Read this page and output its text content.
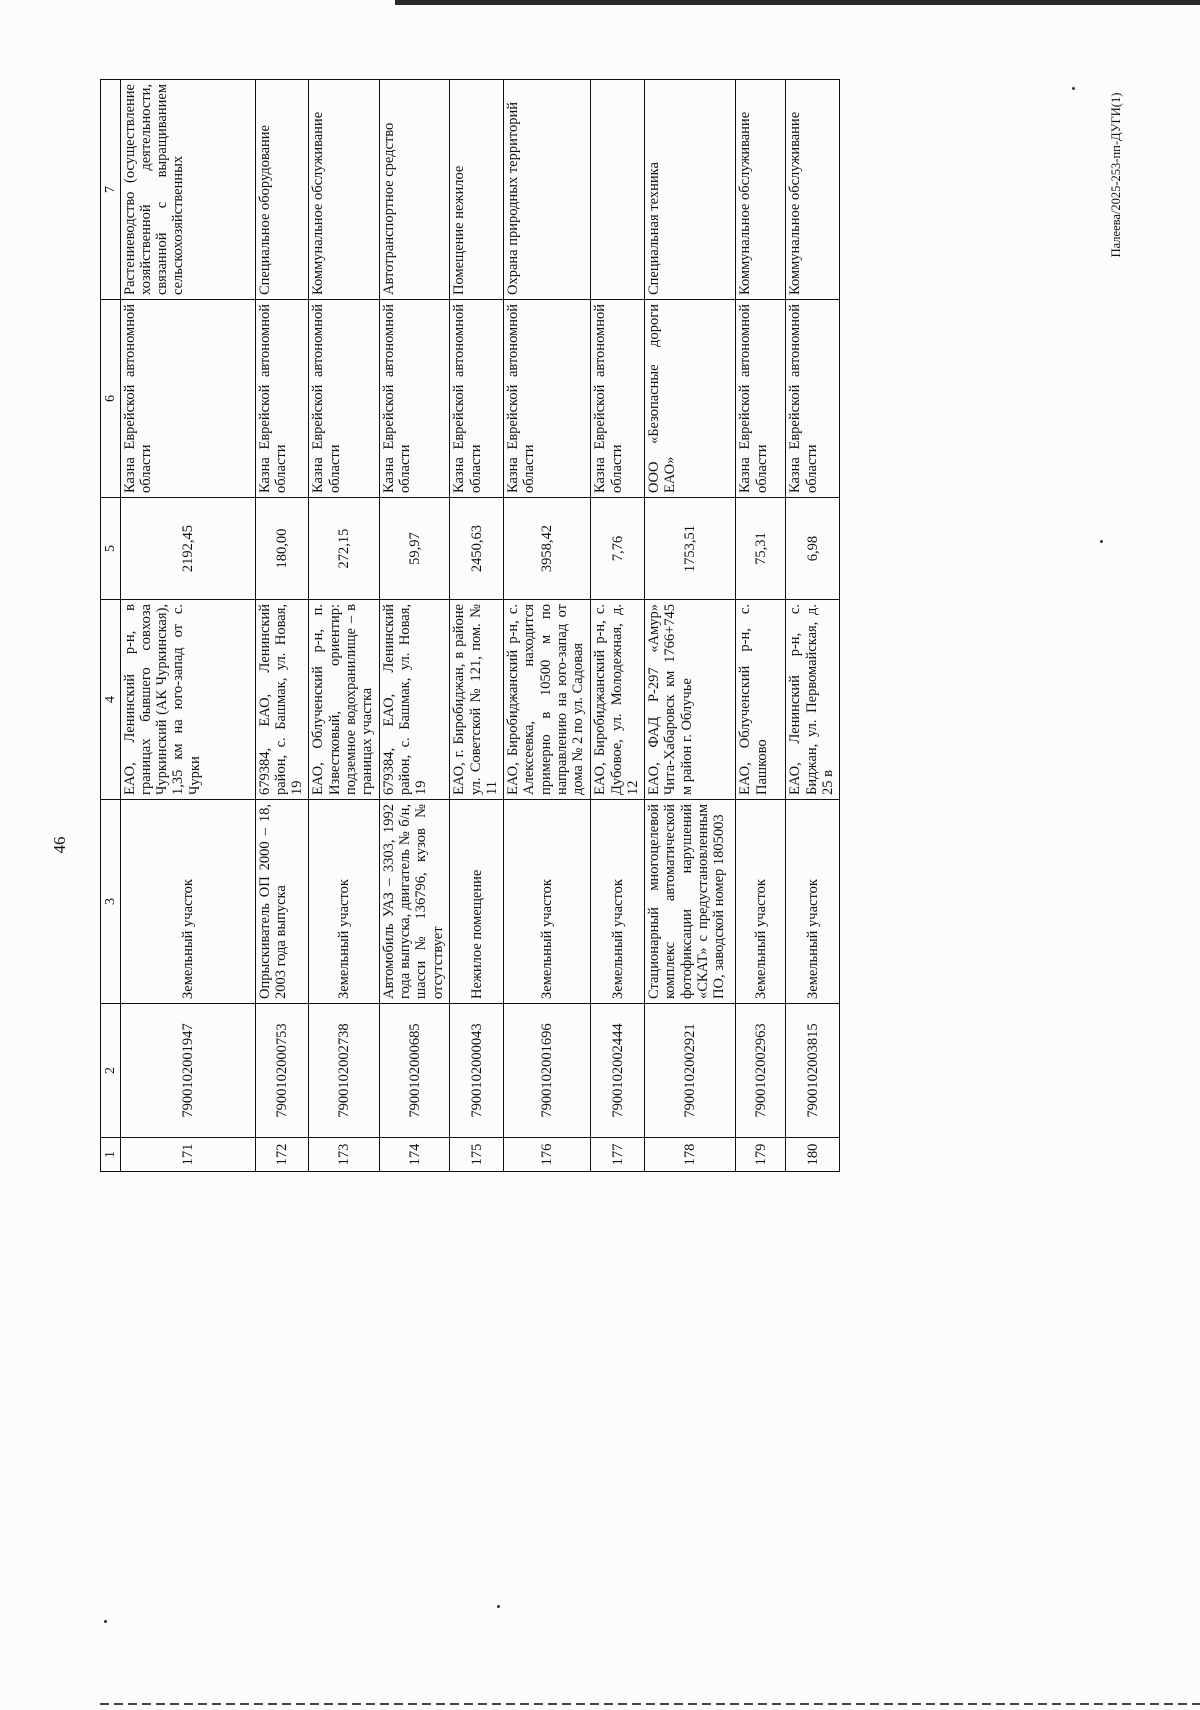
46
Палеева/2025-253-пп-ДУГИ(1)
1	2	3	4	5	6	7
171	7900102001947	Земельный участок	ЕАО, Ленинский р-н, в границах бывшего совхоза Чуркинский (АК Чуркинская), 1,35 км на юго-запад от с. Чурки	2192,45	Казна Еврейской автономной области	Растениеводство (осуществление хозяйственной деятельности, связанной с выращиванием сельскохозяйственных
172	7900102000753	Опрыскиватель ОП 2000 – 18, 2003 года выпуска	679384, ЕАО, Ленинский район, с. Башмак, ул. Новая, 19	180,00	Казна Еврейской автономной области	Специальное оборудование
173	7900102002738	Земельный участок	ЕАО, Облученский р-н, п. Известковый, ориентир: подземное водохранилище – в границах участка	272,15	Казна Еврейской автономной области	Коммунальное обслуживание
174	7900102000685	Автомобиль УАЗ – 3303, 1992 года выпуска, двигатель № б/н, шасси № 136796, кузов № отсутствует	679384, ЕАО, Ленинский район, с. Башмак, ул. Новая, 19	59,97	Казна Еврейской автономной области	Автотранспортное средство
175	7900102000043	Нежилое помещение	ЕАО, г. Биробиджан, в районе ул. Советской № 121, пом. № 11	2450,63	Казна Еврейской автономной области	Помещение нежилое
176	7900102001696	Земельный участок	ЕАО, Биробиджанский р-н, с. Алексеевка, находится примерно в 10500 м по направлению на юго-запад от дома № 2 по ул. Садовая	3958,42	Казна Еврейской автономной области	Охрана природных территорий
177	7900102002444	Земельный участок	ЕАО, Биробиджанский р-н, с. Дубовое, ул. Молодежная, д. 12	7,76	Казна Еврейской автономной области	
178	7900102002921	Стационарный многоцелевой комплекс автоматической фотофиксации нарушений «СКАТ» с предустановленным ПО, заводской номер 1805003	ЕАО, ФАД Р-297 «Амур» Чита-Хабаровск км 1766+745 м район г. Облучье	1753,51	ООО «Безопасные дороги ЕАО»	Специальная техника
179	7900102002963	Земельный участок	ЕАО, Облученский р-н, с. Пашково	75,31	Казна Еврейской автономной области	Коммунальное обслуживание
180	7900102003815	Земельный участок	ЕАО, Ленинский р-н, с. Биджан, ул. Первомайская, д. 25 в	6,98	Казна Еврейской автономной области	Коммунальное обслуживание
